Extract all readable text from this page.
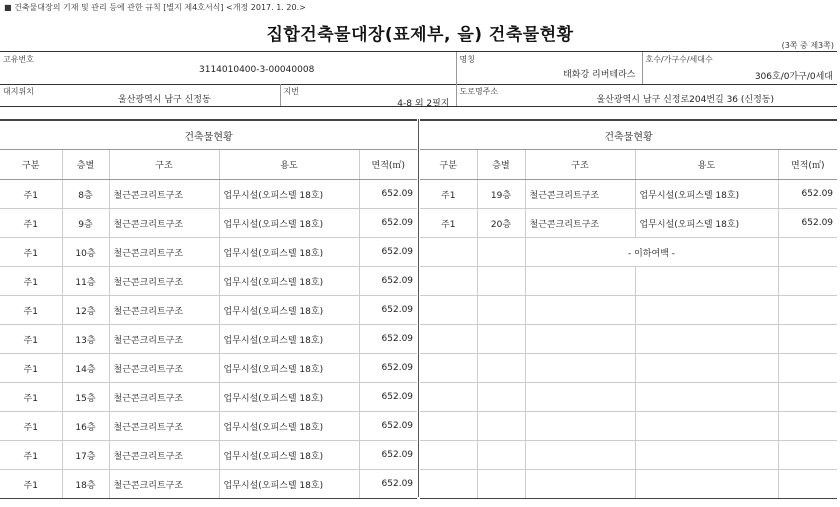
■ 건축물대장의 기재 및 관리 등에 관한 규칙 [별지 제4호서식] <개정 2017. 1. 20.>
집합건축물대장(표제부, 을) 건축물현황
(3쪽 중 제3쪽)
고유번호
3114010400-3-00040008

명칭
태화강 리버테라스

호수/가구수/세대수
306호/0가구/0세대
대지위치
울산광역시 남구 신정동

지번
4-8 외 2필지

도로명주소
울산광역시 남구 신정로204번길 36 (신정동)
건축물현황				
구분	층별	구조	용도	면적(㎡)
주1	8층	철근콘크리트구조	업무시설(오피스텔 18호)	652.09
주1	9층	철근콘크리트구조	업무시설(오피스텔 18호)	652.09
주1	10층	철근콘크리트구조	업무시설(오피스텔 18호)	652.09
주1	11층	철근콘크리트구조	업무시설(오피스텔 18호)	652.09
주1	12층	철근콘크리트구조	업무시설(오피스텔 18호)	652.09
주1	13층	철근콘크리트구조	업무시설(오피스텔 18호)	652.09
주1	14층	철근콘크리트구조	업무시설(오피스텔 18호)	652.09
주1	15층	철근콘크리트구조	업무시설(오피스텔 18호)	652.09
주1	16층	철근콘크리트구조	업무시설(오피스텔 18호)	652.09
주1	17층	철근콘크리트구조	업무시설(오피스텔 18호)	652.09
주1	18층	철근콘크리트구조	업무시설(오피스텔 18호)	652.09
건축물현황				
구분	층별	구조	용도	면적(㎡)
주1	19층	철근콘크리트구조	업무시설(오피스텔 18호)	652.09
주1	20층	철근콘크리트구조	업무시설(오피스텔 18호)	652.09
		- 이하여백 -		
